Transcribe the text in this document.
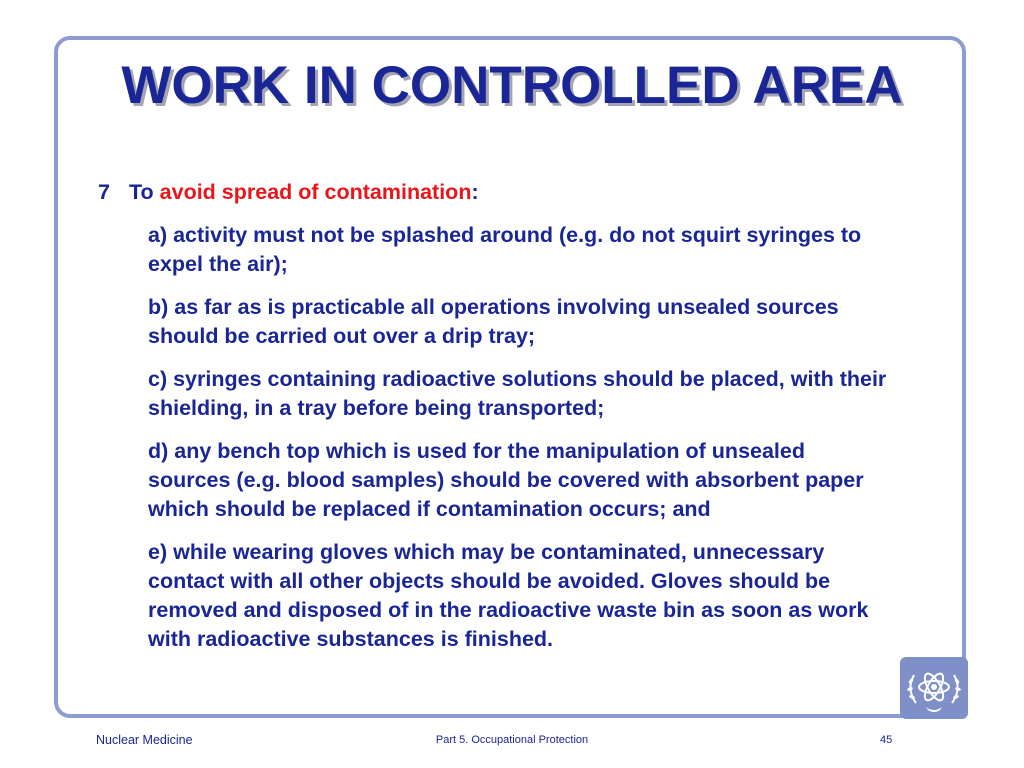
WORK IN CONTROLLED AREA
7 To avoid spread of contamination:
a) activity must not be splashed around (e.g. do not squirt syringes to expel the air);
b) as far as is practicable all operations involving unsealed sources should be carried out over a drip tray;
c) syringes containing radioactive solutions should be placed, with their shielding, in a tray before being transported;
d) any bench top which is used for the manipulation of unsealed sources (e.g. blood samples) should be covered with absorbent paper which should be replaced if contamination occurs; and
e) while wearing gloves which may be contaminated, unnecessary contact with all other objects should be avoided. Gloves should be removed and disposed of in the radioactive waste bin as soon as work with radioactive substances is finished.
Nuclear Medicine	Part 5. Occupational Protection	45
